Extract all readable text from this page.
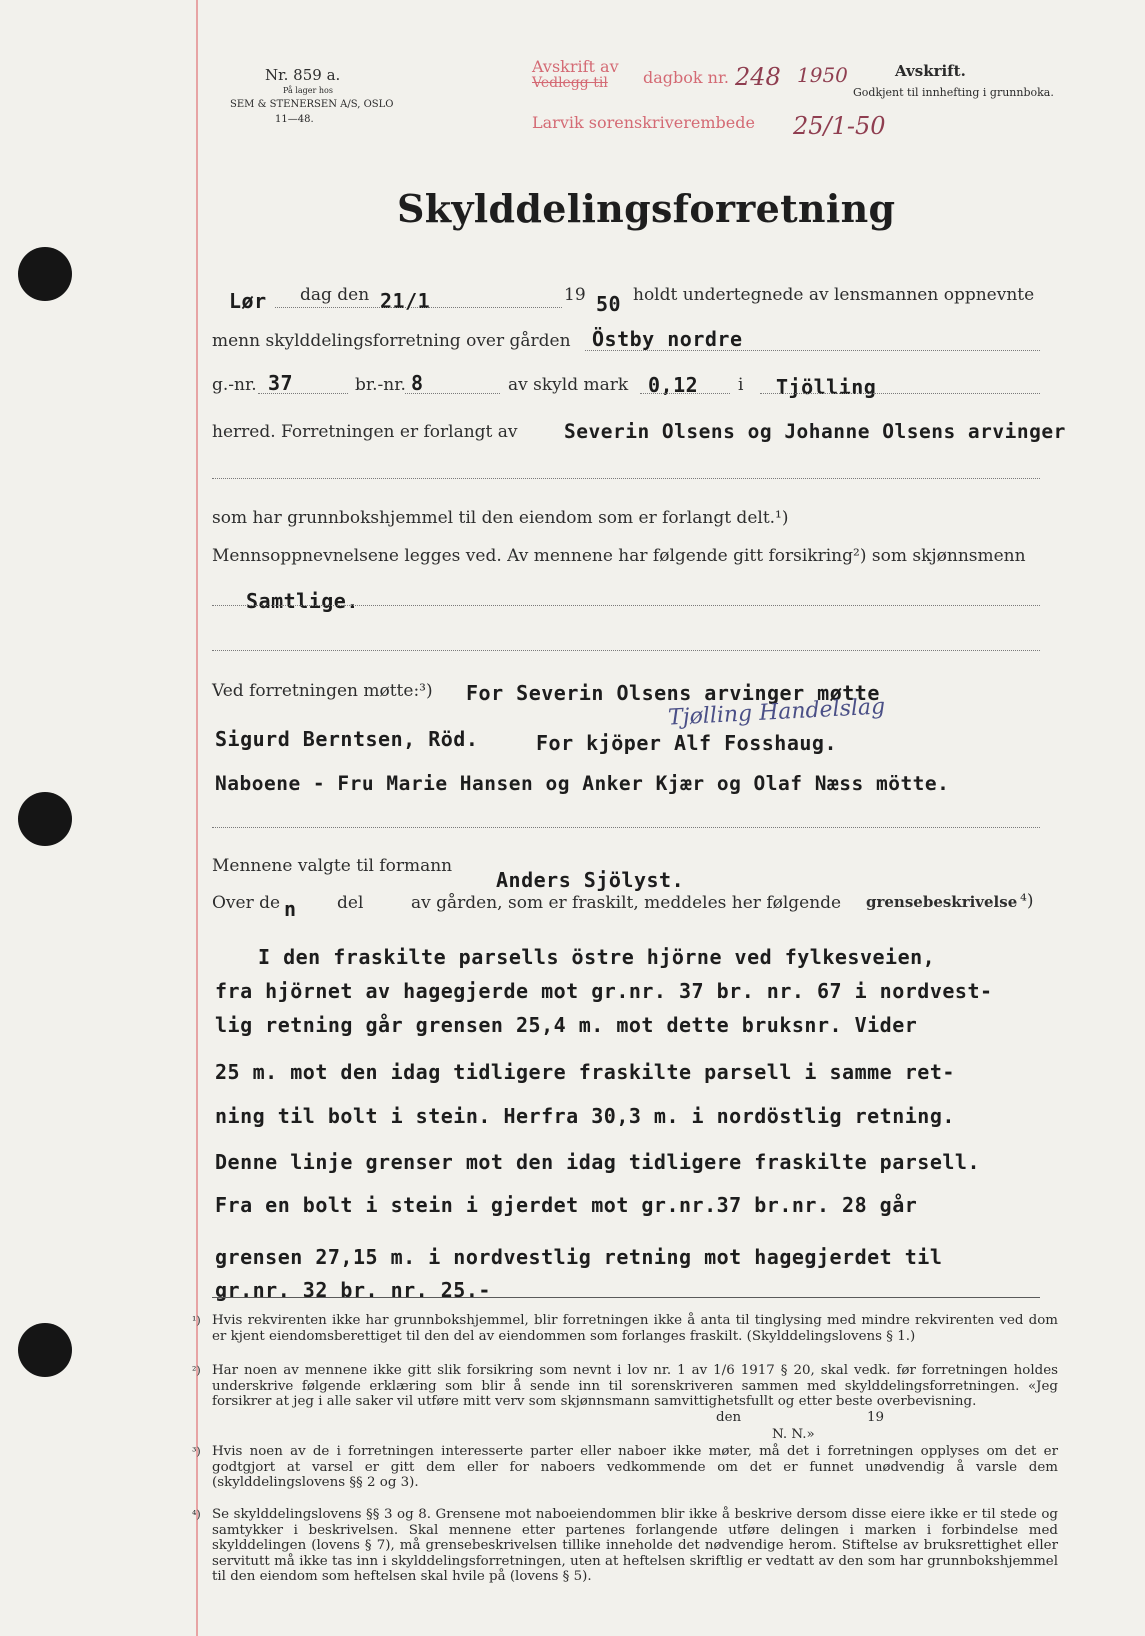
Nr. 859 a.
På lager hos
SEM & STENERSEN A/S, OSLO
11—48.
Avskrift av
Vedlegg til dagbok nr.
Larvik sorenskriverembede
248 1950
25/1-50
Avskrift.
Godkjent til innhefting i grunnboka.
Skylddelingsforretning
Lør dag den 21/1	19 50 holdt undertegnede av lensmannen oppnevnte
menn skylddelingsforretning over gården Östby nordre
g.-nr. 37	br.-nr. 8	av skyld mark 0,12 i Tjölling
herred. Forretningen er forlangt av Severin Olsens og Johanne Olsens arvinger
som har grunnbokshjemmel til den eiendom som er forlangt delt.¹)
Mennsoppnevnelsene legges ved. Av mennene har følgende gitt forsikring²) som skjønnsmenn
Samtlige.
Ved forretningen møtte:³) For Severin Olsens arvinger møtte
Tjølling Handelslag
Sigurd Berntsen, Röd.	For kjöper Alf Fosshaug.
Naboene - Fru Marie Hansen og Anker Kjær og Olaf Næss mötte.
Mennene valgte til formann
Anders Sjölyst.
Over de n del	av gården, som er fraskilt, meddeles her følgende grensebeskrivelse ⁴)
I den fraskilte parsells östre hjörne ved fylkesveien,
fra hjörnet av hagegjerde mot gr.nr. 37 br. nr. 67 i nordvest-
lig retning går grensen 25,4 m. mot dette bruksnr. Vider
25 m. mot den idag tidligere fraskilte parsell i samme ret-
ning til bolt i stein. Herfra 30,3 m. i nordöstlig retning.
Denne linje grenser mot den idag tidligere fraskilte parsell.
Fra en bolt i stein i gjerdet mot gr.nr.37 br.nr. 28 går
grensen 27,15 m. i nordvestlig retning mot hagegjerdet til
gr.nr. 32 br. nr. 25.-
¹) Hvis rekvirenten ikke har grunnbokshjemmel, blir forretningen ikke å anta til tinglysing med mindre rekvirenten ved dom er kjent eiendomsberettiget til den del av eiendommen som forlanges fraskilt. (Skylddelingslovens § 1.)
²) Har noen av mennene ikke gitt slik forsikring som nevnt i lov nr. 1 av 1/6 1917 § 20, skal vedk. før forretningen holdes underskrive følgende erklæring som blir å sende inn til sorenskriveren sammen med skylddelingsforretningen. «Jeg forsikrer at jeg i alle saker vil utføre mitt verv som skjønnsmann samvittighetsfullt og etter beste overbevisning.
den	19
N. N.»
³) Hvis noen av de i forretningen interesserte parter eller naboer ikke møter, må det i forretningen opplyses om det er godtgjort at varsel er gitt dem eller for naboers vedkommende om det er funnet unødvendig å varsle dem (skylddelingslovens §§ 2 og 3).
⁴) Se skylddelingslovens §§ 3 og 8. Grensene mot naboeiendommen blir ikke å beskrive dersom disse eiere ikke er til stede og samtykker i beskrivelsen. Skal mennene etter partenes forlangende utføre delingen i marken i forbindelse med skylddelingen (lovens § 7), må grensebeskrivelsen tillike inneholde det nødvendige herom. Stiftelse av bruksrettighet eller servitutt må ikke tas inn i skylddelingsforretningen, uten at heftelsen skriftlig er vedtatt av den som har grunnbokshjemmel til den eiendom som heftelsen skal hvile på (lovens § 5).
